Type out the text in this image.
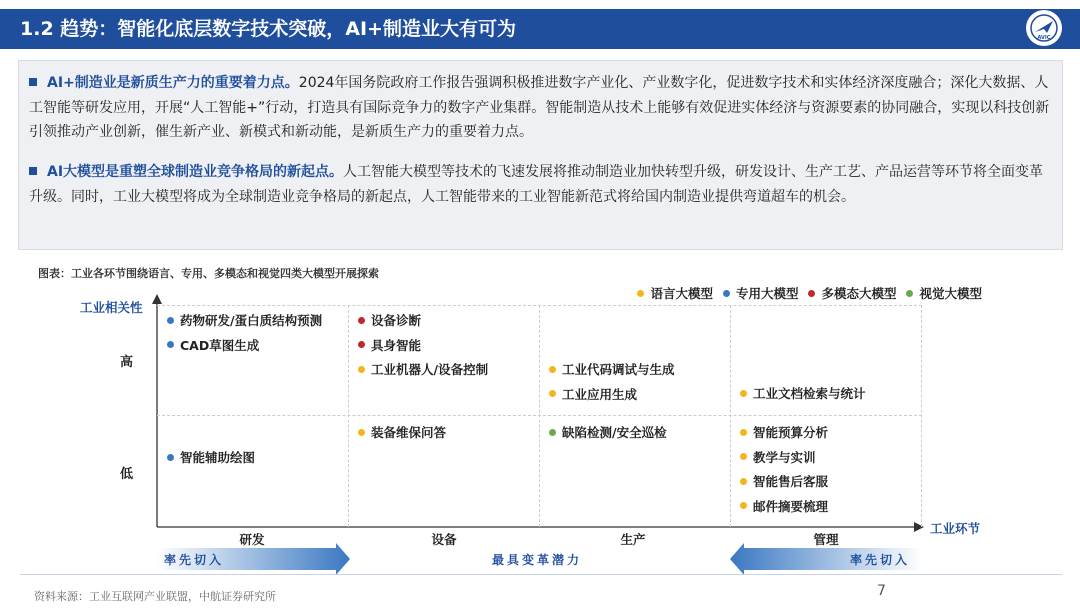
1.2 趋势：智能化底层数字技术突破，AI+制造业大有可为	AVIC
AI+制造业是新质生产力的重要着力点。2024年国务院政府工作报告强调积极推进数字产业化、产业数字化，促进数字技术和实体经济深度融合；深化大数据、人工智能等研发应用，开展“人工智能+”行动，打造具有国际竞争力的数字产业集群。智能制造从技术上能够有效促进实体经济与资源要素的协同融合，实现以科技创新引领推动产业创新，催生新产业、新模式和新动能，是新质生产力的重要着力点。
AI大模型是重塑全球制造业竞争格局的新起点。人工智能大模型等技术的飞速发展将推动制造业加快转型升级，研发设计、生产工艺、产品运营等环节将全面变革升级。同时，工业大模型将成为全球制造业竞争格局的新起点，人工智能带来的工业智能新范式将给国内制造业提供弯道超车的机会。
图表：工业各环节围绕语言、专用、多模态和视觉四类大模型开展探索
语言大模型 专用大模型 多模态大模型 视觉大模型
工业相关性
工业环节
高
低
研发	设备	生产	管理
药物研发/蛋白质结构预测
CAD草图生成
设备诊断
具身智能
工业机器人/设备控制	工业代码调试与生成
工业应用生成	工业文档检索与统计
智能辅助绘图
装备维保问答	缺陷检测/安全巡检	智能预算分析
教学与实训
智能售后客服
邮件摘要梳理
率先切入	最具变革潜力	率先切入
资料来源：工业互联网产业联盟，中航证券研究所	7
